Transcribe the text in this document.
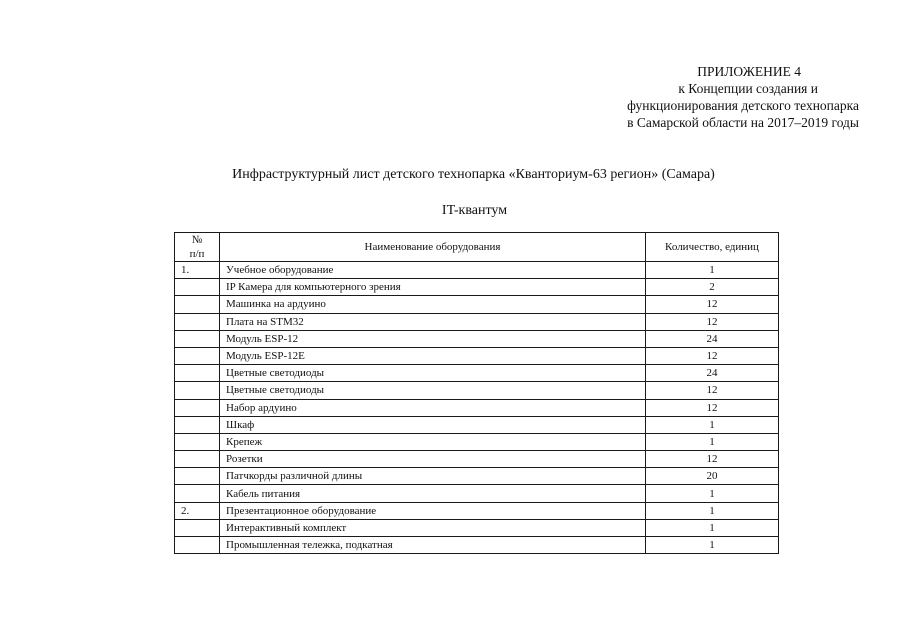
ПРИЛОЖЕНИЕ 4
к Концепции создания и
функционирования детского технопарка
в Самарской области на 2017–2019 годы
Инфраструктурный лист детского технопарка «Кванториум-63 регион» (Самара)
IT-квантум
№
п/п	Наименование оборудования	Количество, единиц
1.	Учебное оборудование	1
	IP Камера для компьютерного зрения	2
	Машинка на ардуино	12
	Плата на STM32	12
	Модуль ESP-12	24
	Модуль ESP-12E	12
	Цветные светодиоды	24
	Цветные светодиоды	12
	Набор ардуино	12
	Шкаф	1
	Крепеж	1
	Розетки	12
	Патчкорды различной длины	20
	Кабель питания	1
2.	Презентационное оборудование	1
	Интерактивный комплект	1
	Промышленная тележка, подкатная	1
